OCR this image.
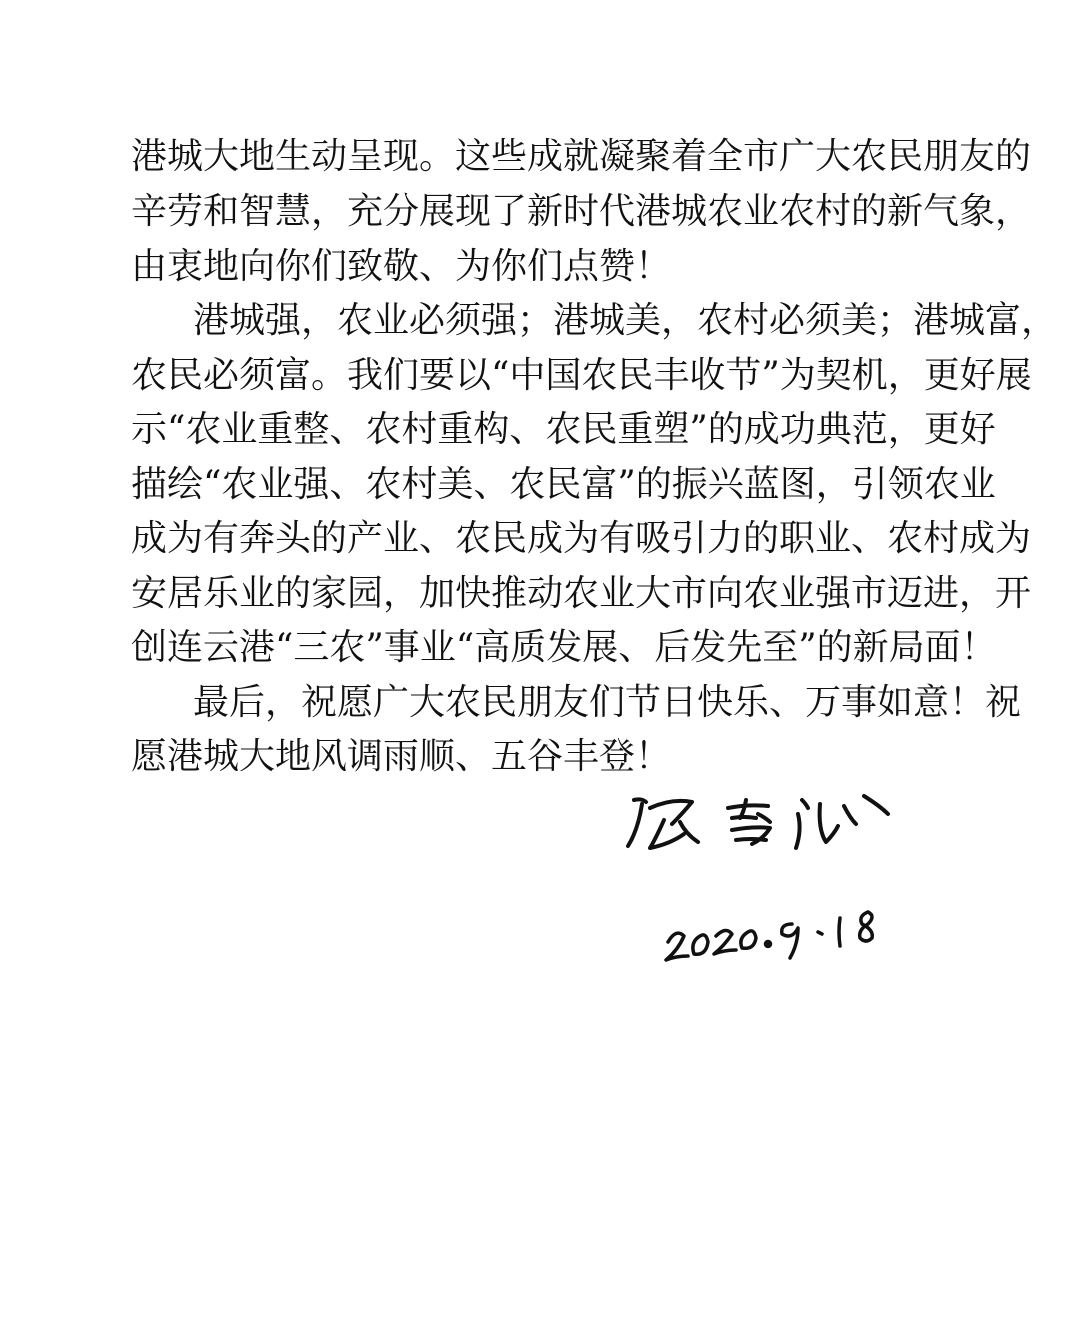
港城大地生动呈现。这些成就凝聚着全市广大农民朋友的
辛劳和智慧，充分展现了新时代港城农业农村的新气象，
由衷地向你们致敬、为你们点赞！
港城强，农业必须强；港城美，农村必须美；港城富，
农民必须富。我们要以“中国农民丰收节”为契机，更好展
示“农业重整、农村重构、农民重塑”的成功典范，更好
描绘“农业强、农村美、农民富”的振兴蓝图，引领农业
成为有奔头的产业、农民成为有吸引力的职业、农村成为
安居乐业的家园，加快推动农业大市向农业强市迈进，开
创连云港“三农”事业“高质发展、后发先至”的新局面！
最后，祝愿广大农民朋友们节日快乐、万事如意！祝
愿港城大地风调雨顺、五谷丰登！
